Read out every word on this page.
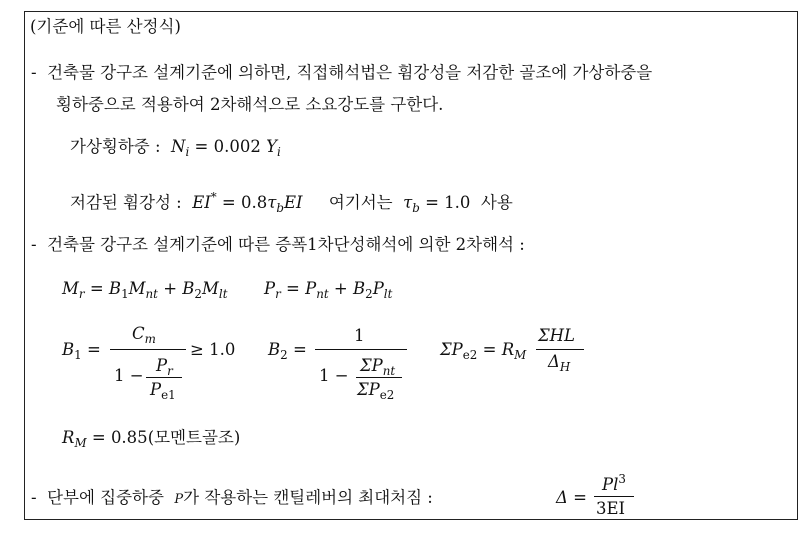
(기준에 따른 산정식)
- 건축물 강구조 설계기준에 의하면, 직접해석법은 휨강성을 저감한 골조에 가상하중을
횡하중으로 적용하여 2차해석으로 소요강도를 구한다.
가상횡하중 : $N_i = 0.002$ $Y_i$
저감된 휨강성 : $EI^* = 0.8\tau_bEI$ 여기서는 $\tau_b = 1.0$ 사용
- 건축물 강구조 설계기준에 따른 증폭1차단성해석에 의한 2차해석 :
$M_r = B_1M_{nt} + B_2M_{lt}$ $P_r = P_{nt} + B_2P_{lt}$
$B_1$ =
$C_m$
1 −
$P_r$
$P_{e1}$
≥ 1.0 $B_2$ =
1
1 −
$\Sigma P_{nt}$
$\Sigma P_{e2}$
$\Sigma P_{e2} = R_M$
ΣHL
$\Delta_H$
$R_M = 0.85$(모멘트골조)
- 단부에 집중하중 P가 작용하는 캔틸레버의 최대처짐 :	Δ =
$Pl^3$
3EI
